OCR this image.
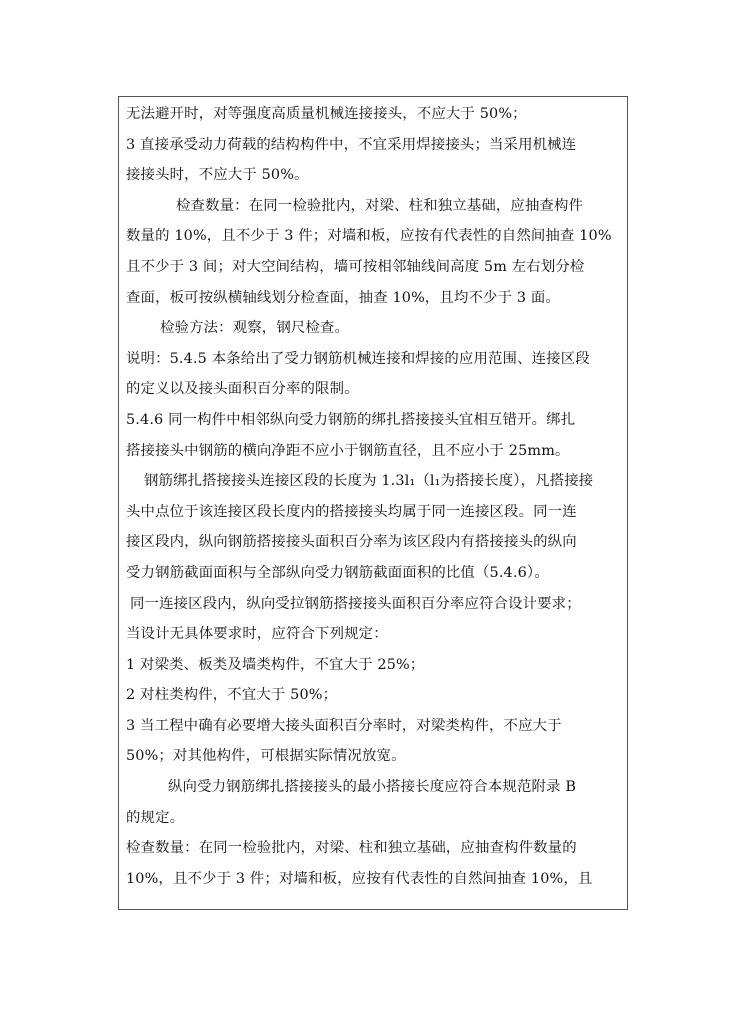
无法避开时，对等强度高质量机械连接接头，不应大于 50%；
3 直接承受动力荷载的结构构件中，不宜采用焊接接头；当采用机械连
接接头时，不应大于 50%。
检查数量：在同一检验批内，对梁、柱和独立基础，应抽查构件
数量的 10%，且不少于 3 件；对墙和板，应按有代表性的自然间抽查 10%
且不少于 3 间；对大空间结构，墙可按相邻轴线间高度 5m 左右划分检
查面，板可按纵横轴线划分检查面，抽查 10%，且均不少于 3 面。
检验方法：观察，钢尺检查。
说明：5.4.5 本条给出了受力钢筋机械连接和焊接的应用范围、连接区段
的定义以及接头面积百分率的限制。
5.4.6 同一构件中相邻纵向受力钢筋的绑扎搭接接头宜相互错开。绑扎
搭接接头中钢筋的横向净距不应小于钢筋直径，且不应小于 25mm。
钢筋绑扎搭接接头连接区段的长度为 1.3l₁（l₁为搭接长度），凡搭接接
头中点位于该连接区段长度内的搭接接头均属于同一连接区段。同一连
接区段内，纵向钢筋搭接接头面积百分率为该区段内有搭接接头的纵向
受力钢筋截面面积与全部纵向受力钢筋截面面积的比值（5.4.6）。
同一连接区段内，纵向受拉钢筋搭接接头面积百分率应符合设计要求；
当设计无具体要求时，应符合下列规定：
1 对梁类、板类及墙类构件，不宜大于 25%；
2 对柱类构件，不宜大于 50%；
3 当工程中确有必要增大接头面积百分率时，对梁类构件，不应大于
50%；对其他构件，可根据实际情况放宽。
纵向受力钢筋绑扎搭接接头的最小搭接长度应符合本规范附录 B
的规定。
检查数量：在同一检验批内，对梁、柱和独立基础，应抽查构件数量的
10%，且不少于 3 件；对墙和板，应按有代表性的自然间抽查 10%，且
